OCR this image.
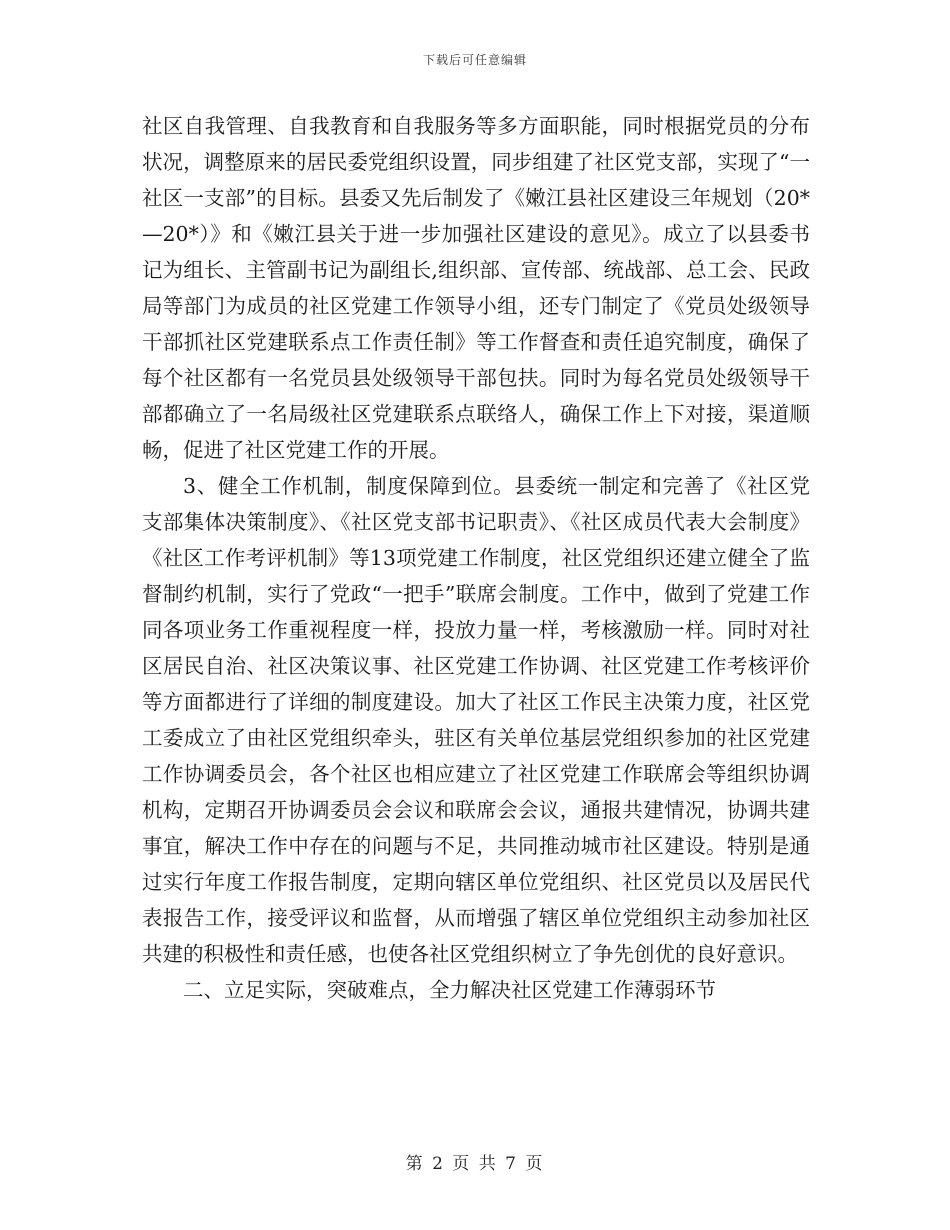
下载后可任意编辑

社区自我管理、自我教育和自我服务等多方面职能，同时根据党员的分布状况，调整原来的居民委党组织设置，同步组建了社区党支部，实现了“一社区一支部”的目标。县委又先后制发了《嫩江县社区建设三年规划（20*—20*）》和《嫩江县关于进一步加强社区建设的意见》。成立了以县委书记为组长、主管副书记为副组长,组织部、宣传部、统战部、总工会、民政局等部门为成员的社区党建工作领导小组，还专门制定了《党员处级领导干部抓社区党建联系点工作责任制》等工作督查和责任追究制度，确保了每个社区都有一名党员县处级领导干部包扶。同时为每名党员处级领导干部都确立了一名局级社区党建联系点联络人，确保工作上下对接，渠道顺畅，促进了社区党建工作的开展。

3、健全工作机制，制度保障到位。县委统一制定和完善了《社区党支部集体决策制度》、《社区党支部书记职责》、《社区成员代表大会制度》《社区工作考评机制》等13项党建工作制度，社区党组织还建立健全了监督制约机制，实行了党政“一把手”联席会制度。工作中，做到了党建工作同各项业务工作重视程度一样，投放力量一样，考核激励一样。同时对社区居民自治、社区决策议事、社区党建工作协调、社区党建工作考核评价等方面都进行了详细的制度建设。加大了社区工作民主决策力度，社区党工委成立了由社区党组织牵头，驻区有关单位基层党组织参加的社区党建工作协调委员会，各个社区也相应建立了社区党建工作联席会等组织协调机构，定期召开协调委员会会议和联席会会议，通报共建情况，协调共建事宜，解决工作中存在的问题与不足，共同推动城市社区建设。特别是通过实行年度工作报告制度，定期向辖区单位党组织、社区党员以及居民代表报告工作，接受评议和监督，从而增强了辖区单位党组织主动参加社区共建的积极性和责任感，也使各社区党组织树立了争先创优的良好意识。

二、立足实际，突破难点，全力解决社区党建工作薄弱环节

第 2 页 共 7 页
